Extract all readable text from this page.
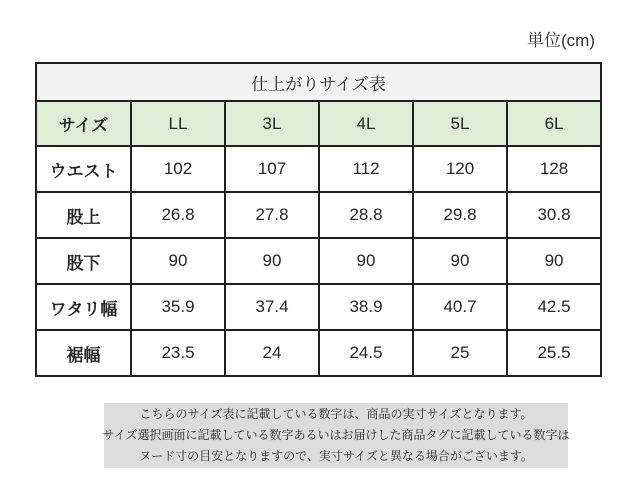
単位(cm)
仕上がりサイズ表					
サイズ	LL	3L	4L	5L	6L
ウエスト	102	107	112	120	128
股上	26.8	27.8	28.8	29.8	30.8
股下	90	90	90	90	90
ワタリ幅	35.9	37.4	38.9	40.7	42.5
裾幅	23.5	24	24.5	25	25.5
こちらのサイズ表に記載している数字は、商品の実寸サイズとなります。
サイズ選択画面に記載している数字あるいはお届けした商品タグに記載している数字は
ヌード寸の目安となりますので、実寸サイズと異なる場合がございます。
